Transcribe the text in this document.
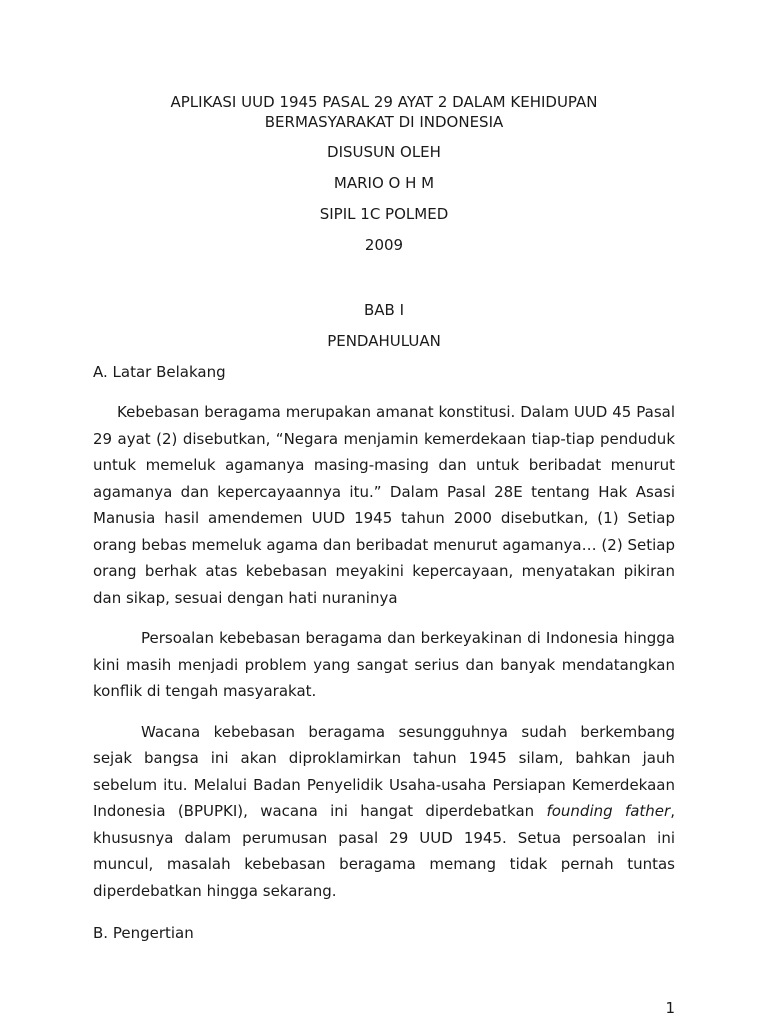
APLIKASI UUD 1945 PASAL 29 AYAT 2 DALAM KEHIDUPAN
BERMASYARAKAT DI INDONESIA

DISUSUN OLEH

MARIO O H M

SIPIL 1C POLMED

2009

BAB I

PENDAHULUAN

A. Latar Belakang

Kebebasan beragama merupakan amanat konstitusi. Dalam UUD 45 Pasal 29 ayat (2) disebutkan, “Negara menjamin kemerdekaan tiap-tiap penduduk untuk memeluk agamanya masing-masing dan untuk beribadat menurut agamanya dan kepercayaannya itu.” Dalam Pasal 28E tentang Hak Asasi Manusia hasil amendemen UUD 1945 tahun 2000 disebutkan, (1) Setiap orang bebas memeluk agama dan beribadat menurut agamanya… (2) Setiap orang berhak atas kebebasan meyakini kepercayaan, menyatakan pikiran dan sikap, sesuai dengan hati nuraninya

Persoalan kebebasan beragama dan berkeyakinan di Indonesia hingga kini masih menjadi problem yang sangat serius dan banyak mendatangkan konflik di tengah masyarakat.

Wacana kebebasan beragama sesungguhnya sudah berkembang sejak bangsa ini akan diproklamirkan tahun 1945 silam, bahkan jauh sebelum itu. Melalui Badan Penyelidik Usaha-usaha Persiapan Kemerdekaan Indonesia (BPUPKI), wacana ini hangat diperdebatkan founding father, khususnya dalam perumusan pasal 29 UUD 1945. Setua persoalan ini muncul, masalah kebebasan beragama memang tidak pernah tuntas diperdebatkan hingga sekarang.

B. Pengertian

1
